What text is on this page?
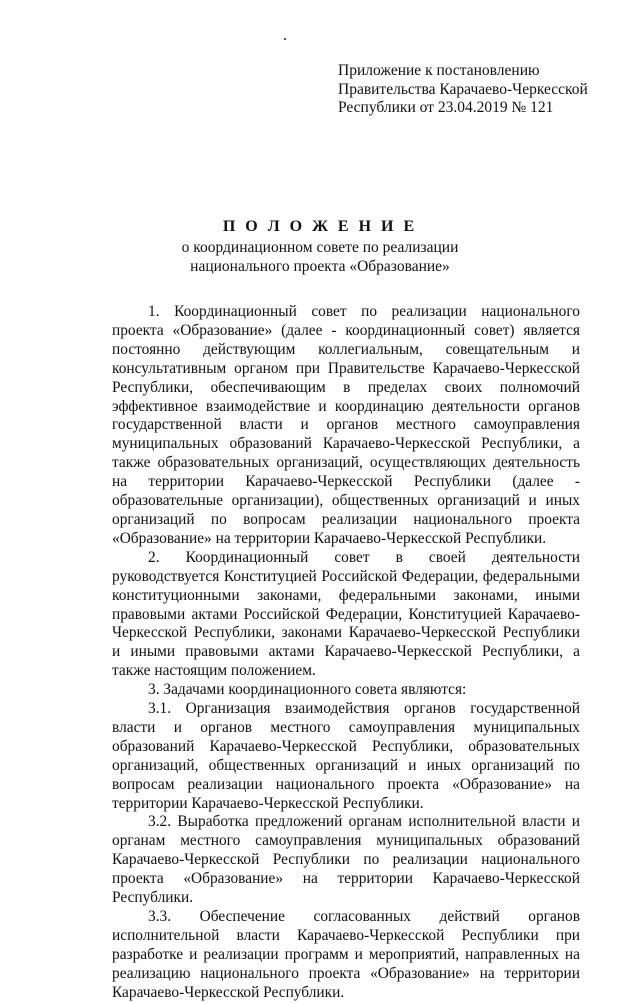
Приложение к постановлению
Правительства Карачаево-Черкесской
Республики от 23.04.2019 № 121
П О Л О Ж Е Н И Е
о координационном совете по реализации
национального проекта «Образование»

1. Координационный совет по реализации национального проекта «Образование» (далее - координационный совет) является постоянно действующим коллегиальным, совещательным и консультативным органом при Правительстве Карачаево-Черкесской Республики, обеспечивающим в пределах своих полномочий эффективное взаимодействие и координацию деятельности органов государственной власти и органов местного самоуправления муниципальных образований Карачаево-Черкесской Республики, а также образовательных организаций, осуществляющих деятельность на территории Карачаево-Черкесской Республики (далее - образовательные организации), общественных организаций и иных организаций по вопросам реализации национального проекта «Образование» на территории Карачаево-Черкесской Республики.

2. Координационный совет в своей деятельности руководствуется Конституцией Российской Федерации, федеральными конституционными законами, федеральными законами, иными правовыми актами Российской Федерации, Конституцией Карачаево-Черкесской Республики, законами Карачаево-Черкесской Республики и иными правовыми актами Карачаево-Черкесской Республики, а также настоящим положением.

3. Задачами координационного совета являются:

3.1. Организация взаимодействия органов государственной власти и органов местного самоуправления муниципальных образований Карачаево-Черкесской Республики, образовательных организаций, общественных организаций и иных организаций по вопросам реализации национального проекта «Образование» на территории Карачаево-Черкесской Республики.

3.2. Выработка предложений органам исполнительной власти и органам местного самоуправления муниципальных образований Карачаево-Черкесской Республики по реализации национального проекта «Образование» на территории Карачаево-Черкесской Республики.

3.3. Обеспечение согласованных действий органов исполнительной власти Карачаево-Черкесской Республики при разработке и реализации программ и мероприятий, направленных на реализацию национального проекта «Образование» на территории Карачаево-Черкесской Республики.
